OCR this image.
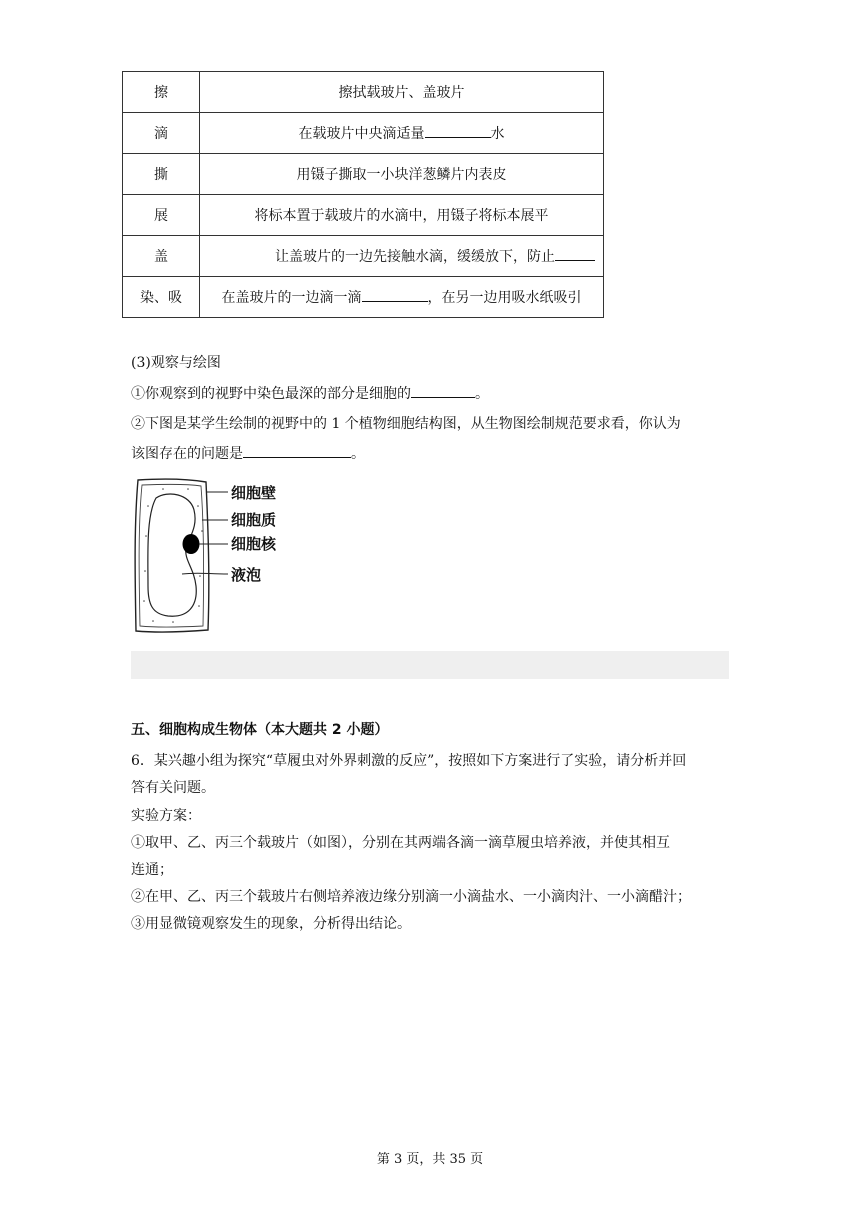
擦	擦拭载玻片、盖玻片
滴	在载玻片中央滴适量 水
撕	用镊子撕取一小块洋葱鳞片内表皮
展	将标本置于载玻片的水滴中，用镊子将标本展平
盖	让盖玻片的一边先接触水滴，缓缓放下，防止
染、吸	在盖玻片的一边滴一滴 ，在另一边用吸水纸吸引
(3)观察与绘图
①你观察到的视野中染色最深的部分是细胞的	。
②下图是某学生绘制的视野中的 1 个植物细胞结构图，从生物图绘制规范要求看，你认为
该图存在的问题是	。
细胞壁
细胞质
细胞核
液泡
五、细胞构成生物体（本大题共 2 小题）
6．某兴趣小组为探究“草履虫对外界刺激的反应”，按照如下方案进行了实验，请分析并回
答有关问题。
实验方案：
①取甲、乙、丙三个载玻片（如图），分别在其两端各滴一滴草履虫培养液，并使其相互
连通；
②在甲、乙、丙三个载玻片右侧培养液边缘分别滴一小滴盐水、一小滴肉汁、一小滴醋汁；
③用显微镜观察发生的现象，分析得出结论。
第 3 页，共 35 页
